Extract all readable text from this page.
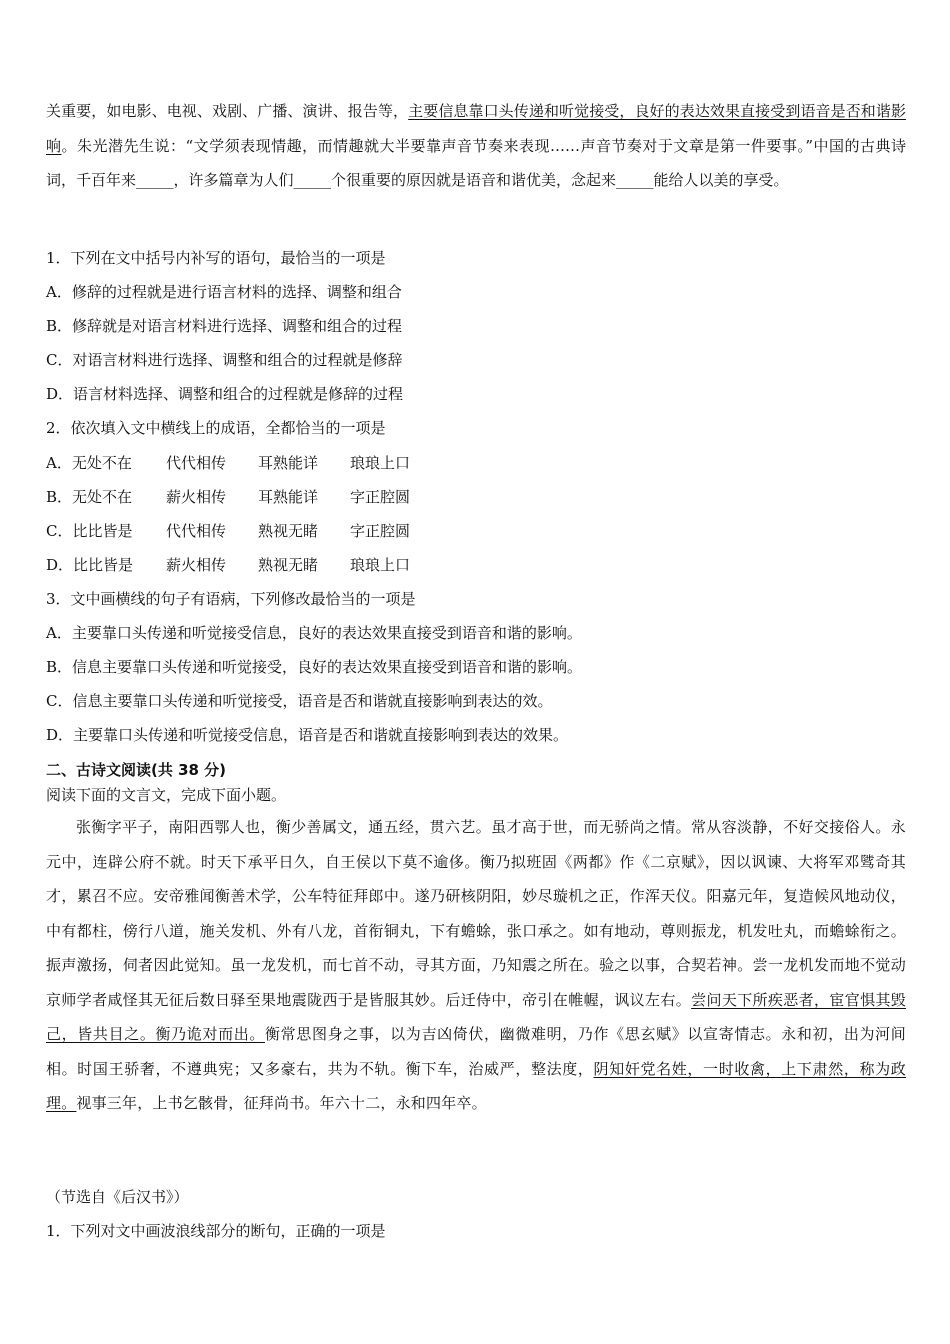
关重要，如电影、电视、戏剧、广播、演讲、报告等，主要信息靠口头传递和听觉接受，良好的表达效果直接受到语音是否和谐影响。朱光潜先生说：“文学须表现情趣，而情趣就大半要靠声音节奏来表现……声音节奏对于文章是第一件要事。”中国的古典诗词，千百年来_____，许多篇章为人们_____个很重要的原因就是语音和谐优美，念起来_____能给人以美的享受。
1．下列在文中括号内补写的语句，最恰当的一项是
A．修辞的过程就是进行语言材料的选择、调整和组合
B．修辞就是对语言材料进行选择、调整和组合的过程
C．对语言材料进行选择、调整和组合的过程就是修辞
D．语言材料选择、调整和组合的过程就是修辞的过程
2．依次填入文中横线上的成语，全都恰当的一项是
A．无处不在 代代相传 耳熟能详 琅琅上口
B．无处不在 薪火相传 耳熟能详 字正腔圆
C．比比皆是 代代相传 熟视无睹 字正腔圆
D．比比皆是 薪火相传 熟视无睹 琅琅上口
3．文中画横线的句子有语病，下列修改最恰当的一项是
A．主要靠口头传递和听觉接受信息，良好的表达效果直接受到语音和谐的影响。
B．信息主要靠口头传递和听觉接受，良好的表达效果直接受到语音和谐的影响。
C．信息主要靠口头传递和听觉接受，语音是否和谐就直接影响到表达的效。
D．主要靠口头传递和听觉接受信息，语音是否和谐就直接影响到表达的效果。
二、古诗文阅读(共 38 分)
阅读下面的文言文，完成下面小题。
张衡字平子，南阳西鄂人也，衡少善属文，通五经，贯六艺。虽才高于世，而无骄尚之情。常从容淡静，不好交接俗人。永元中，连辟公府不就。时天下承平日久，自王侯以下莫不逾侈。衡乃拟班固《两都》作《二京赋》，因以讽谏、大将军邓骘奇其才，累召不应。安帝雅闻衡善术学，公车特征拜郎中。遂乃研核阴阳，妙尽璇机之正，作浑天仪。阳嘉元年，复造候风地动仪，中有都柱，傍行八道，施关发机、外有八龙，首衔铜丸，下有蟾蜍，张口承之。如有地动，尊则振龙，机发吐丸，而蟾蜍衔之。振声激扬，伺者因此觉知。虽一龙发机，而七首不动，寻其方面，乃知震之所在。验之以事，合契若神。尝一龙机发而地不觉动京师学者咸怪其无征后数日驿至果地震陇西于是皆服其妙。后迁侍中，帝引在帷幄，讽议左右。尝问天下所疾恶者，宦官惧其毁己，皆共目之。衡乃诡对而出。衡常思图身之事，以为吉凶倚伏，幽微难明，乃作《思玄赋》以宣寄情志。永和初，出为河间相。时国王骄奢，不遵典宪；又多豪右，共为不轨。衡下车，治威严，整法度，阴知奸党名姓，一时收禽，上下肃然，称为政理。视事三年，上书乞骸骨，征拜尚书。年六十二，永和四年卒。
（节选自《后汉书》）
1．下列对文中画波浪线部分的断句，正确的一项是
